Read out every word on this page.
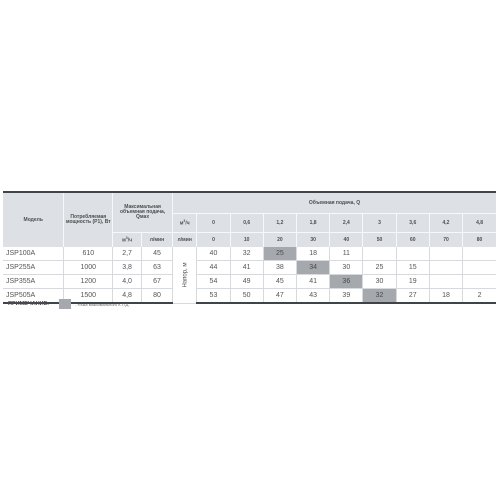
Модель	Потребляемая мощность (P1), Вт	Максимальная объемная подача, Qмах		Объемная подача, Q									
				$м^3/ч$	0	0,6	1,2	1,8	2,4	3	3,6	4,2	4,8
		$м^3/ч$	л/мин	л/мин	0	10	20	30	40	50	60	70	80
JSP100A	610	2,7	45	Напор, м	40	32	25	18	11				
JSP255A	1000	3,8	63		44	41	38	34	30	25	15		
JSP355A	1200	4,0	67		54	49	45	41	36	30	19		
JSP505A	1500	4,8	80		53	50	47	43	39	32	27	18	2
ПРИМЕЧАНИЕ:	- точка максимального К.П.Д.
